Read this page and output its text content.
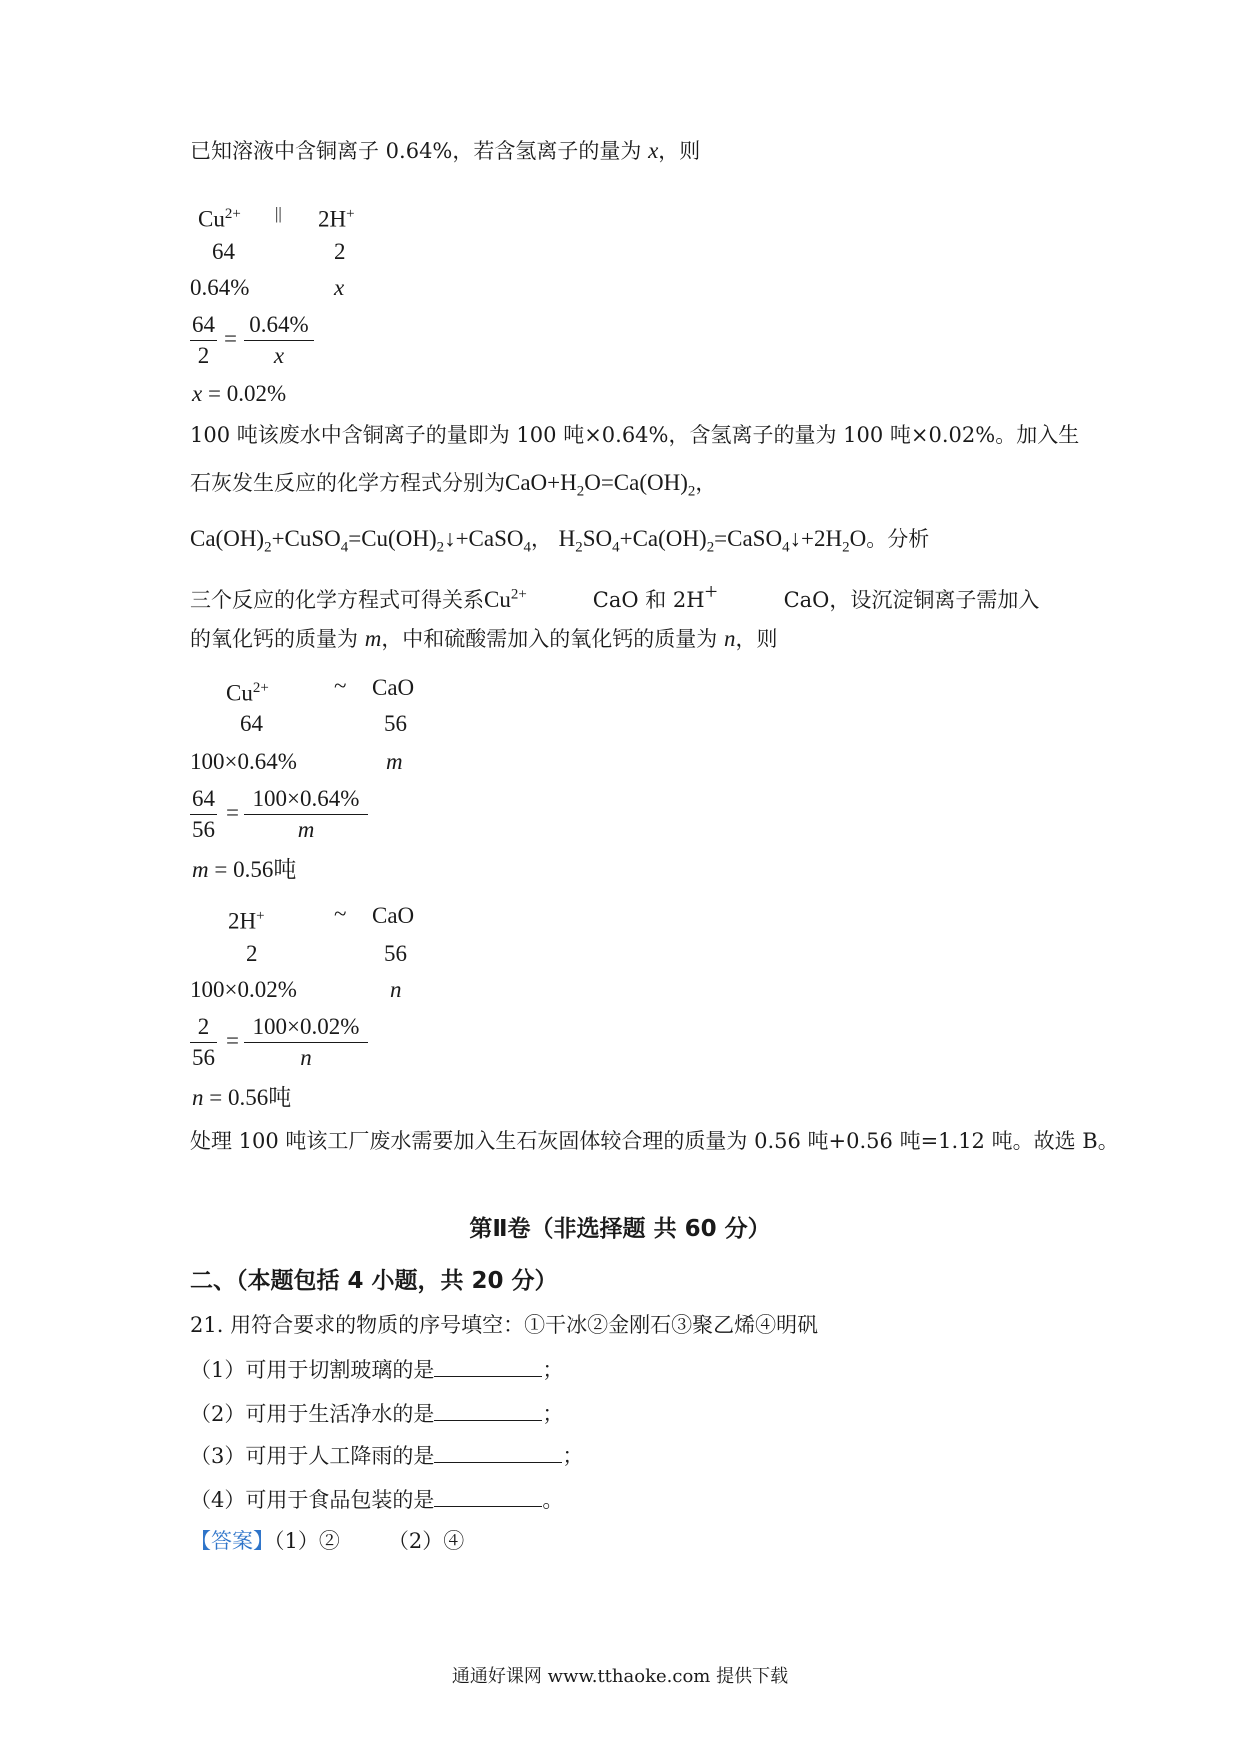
已知溶液中含铜离子 0.64%，若含氢离子的量为 x，则
$Cu^{2+}$ || 2H+
64	2
0.64%	x
$\frac{64}{2} = \frac{0.64\%}{x}$
x = 0.02%
100 吨该废水中含铜离子的量即为 100 吨×0.64%，含氢离子的量为 100 吨×0.02%。加入生
石灰发生反应的化学方程式分别为$CaO+H_2O=Ca(OH)_2$，
$Ca(OH)_2+CuSO_4=Cu(OH)_2↓+CaSO_4$， $H_2SO_4+Ca(OH)_2=CaSO_4↓+2H_2O$。分析
三个反应的化学方程式可得关系$Cu^{2+}$	CaO 和 2H+	CaO，设沉淀铜离子需加入
的氧化钙的质量为 m，中和硫酸需加入的氧化钙的质量为 n，则
$Cu^{2+}$	~ CaO
64	56
100×0.64%	m
$\frac{64}{56} = \frac{100\times 0.64\%}{m}$
m = 0.56吨
2H+	~ CaO
2	56
100×0.02%	n
$\frac{2}{56} = \frac{100\times 0.02\%}{n}$
n = 0.56吨
处理 100 吨该工厂废水需要加入生石灰固体较合理的质量为 0.56 吨+0.56 吨=1.12 吨。故选 B。
第Ⅱ卷（非选择题 共 60 分）
二、（本题包括 4 小题，共 20 分）
21. 用符合要求的物质的序号填空：①干冰②金刚石③聚乙烯④明矾
（1）可用于切割玻璃的是	；
（2）可用于生活净水的是	；
（3）可用于人工降雨的是	；
（4）可用于食品包装的是	。
【答案】（1）② （2）④
通通好课网 www.tthaoke.com 提供下载
